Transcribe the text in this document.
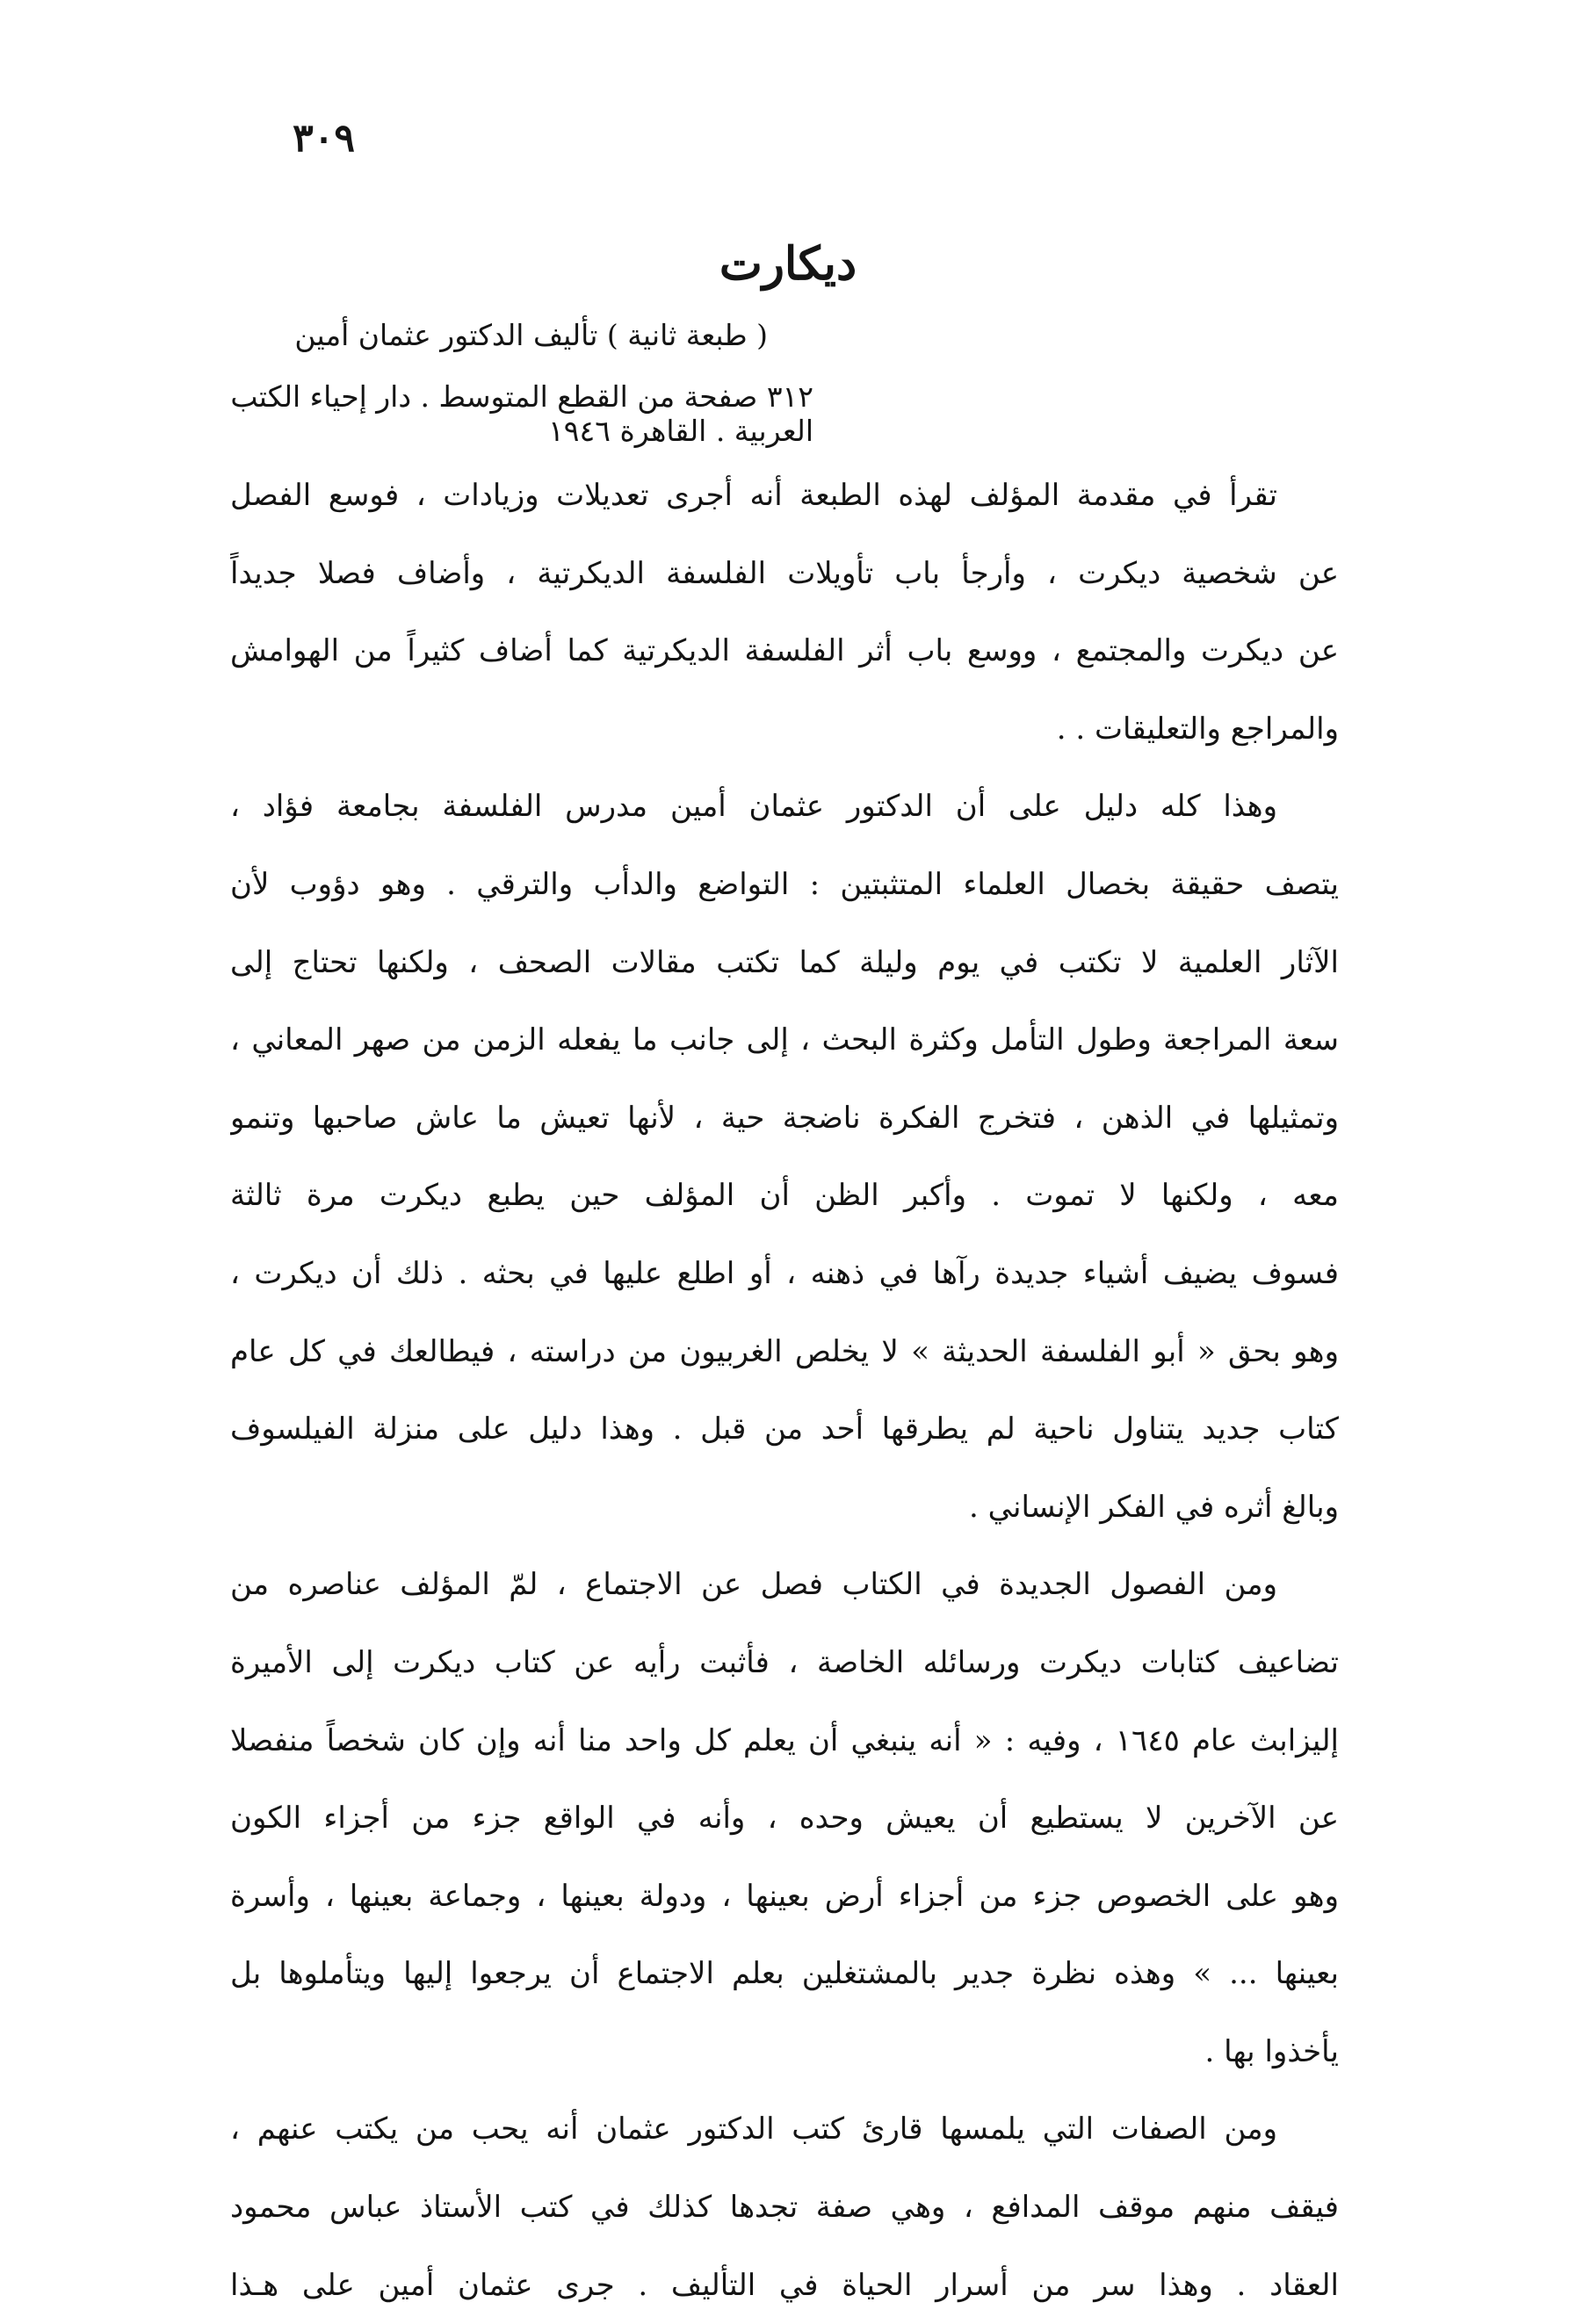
٣٠٩
ديكارت
( طبعة ثانية ) تأليف الدكتور عثمان أمين
٣١٢ صفحة من القطع المتوسط . دار إحياء الكتب العربية . القاهرة ١٩٤٦
تقرأ في مقدمة المؤلف لهذه الطبعة أنه أجرى تعديلات وزيادات ، فوسع الفصل
عن شخصية ديكرت ، وأرجأ باب تأويلات الفلسفة الديكرتية ، وأضاف فصلا جديداً
عن ديكرت والمجتمع ، ووسع باب أثر الفلسفة الديكرتية كما أضاف كثيراً من الهوامش
والمراجع والتعليقات . .
وهذا كله دليل على أن الدكتور عثمان أمين مدرس الفلسفة بجامعة فؤاد ،
يتصف حقيقة بخصال العلماء المتثبتين : التواضع والدأب والترقي . وهو دؤوب لأن
الآثار العلمية لا تكتب في يوم وليلة كما تكتب مقالات الصحف ، ولكنها تحتاج إلى
سعة المراجعة وطول التأمل وكثرة البحث ، إلى جانب ما يفعله الزمن من صهر المعاني ،
وتمثيلها في الذهن ، فتخرج الفكرة ناضجة حية ، لأنها تعيش ما عاش صاحبها وتنمو
معه ، ولكنها لا تموت . وأكبر الظن أن المؤلف حين يطبع ديكرت مرة ثالثة
فسوف يضيف أشياء جديدة رآها في ذهنه ، أو اطلع عليها في بحثه . ذلك أن ديكرت ،
وهو بحق « أبو الفلسفة الحديثة » لا يخلص الغربيون من دراسته ، فيطالعك في كل عام
كتاب جديد يتناول ناحية لم يطرقها أحد من قبل . وهذا دليل على منزلة الفيلسوف
وبالغ أثره في الفكر الإنساني .
ومن الفصول الجديدة في الكتاب فصل عن الاجتماع ، لمّ المؤلف عناصره من
تضاعيف كتابات ديكرت ورسائله الخاصة ، فأثبت رأيه عن كتاب ديكرت إلى الأميرة
إليزابث عام ١٦٤٥ ، وفيه : « أنه ينبغي أن يعلم كل واحد منا أنه وإن كان شخصاً منفصلا
عن الآخرين لا يستطيع أن يعيش وحده ، وأنه في الواقع جزء من أجزاء الكون
وهو على الخصوص جزء من أجزاء أرض بعينها ، ودولة بعينها ، وجماعة بعينها ، وأسرة
بعينها ... » وهذه نظرة جدير بالمشتغلين بعلم الاجتماع أن يرجعوا إليها ويتأملوها بل
يأخذوا بها .
ومن الصفات التي يلمسها قارئ كتب الدكتور عثمان أنه يحب من يكتب عنهم ،
فيقف منهم موقف المدافع ، وهي صفة تجدها كذلك في كتب الأستاذ عباس محمود
العقاد . وهذا سر من أسرار الحياة في التأليف . جرى عثمان أمين على هـذا
